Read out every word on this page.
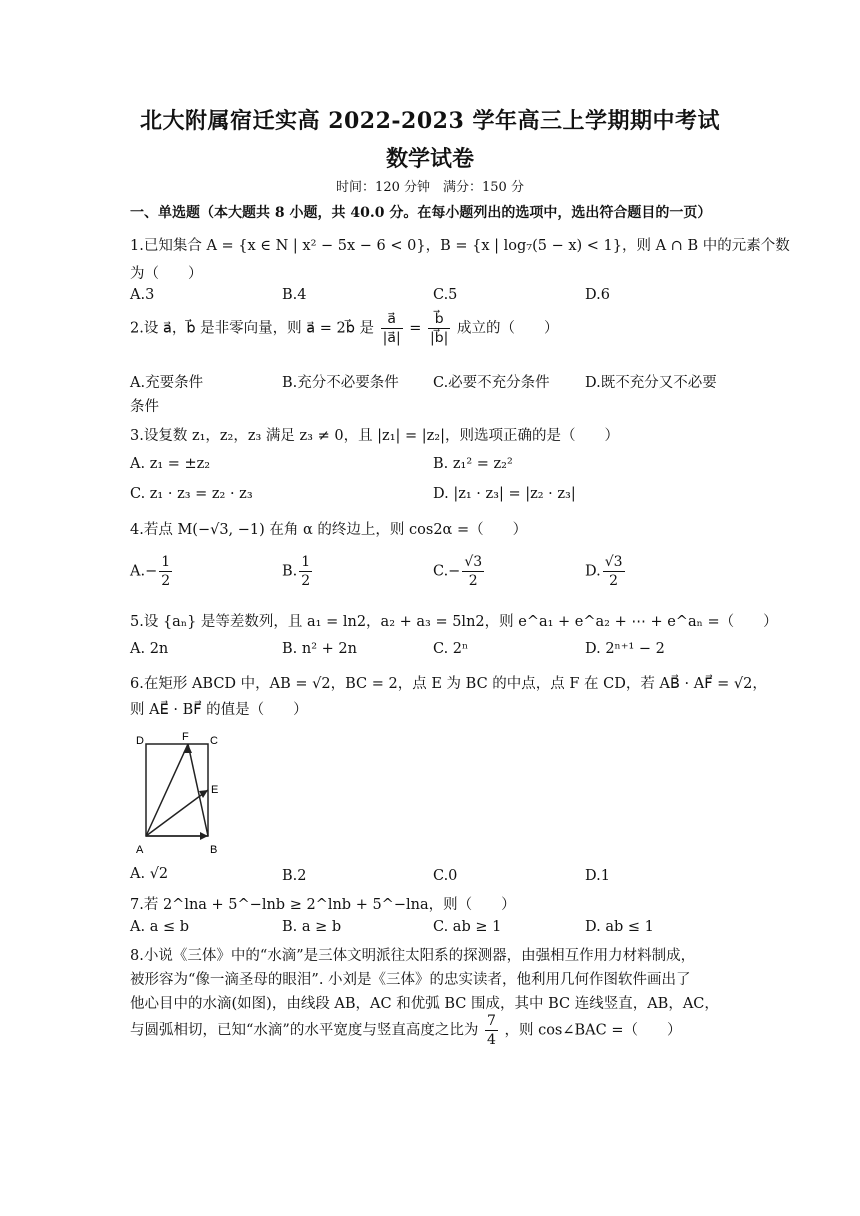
北大附属宿迁实高 2022-2023 学年高三上学期期中考试
数学试卷
时间：120 分钟　满分：150 分
一、单选题（本大题共 8 小题，共 40.0 分。在每小题列出的选项中，选出符合题目的一页）
1.已知集合 A = {x ∈ N | x² − 5x − 6 < 0}，B = {x | log₇(5 − x) < 1}，则 A ∩ B 中的元素个数
为（　　）
A.3	B.4	C.5	D.6
2.设 a⃗，b⃗ 是非零向量，则 a⃗ = 2b⃗ 是 $\frac{a⃗}{|a⃗|} = \frac{b⃗}{|b⃗|}$ 成立的（　　）
A.充要条件	B.充分不必要条件 C.必要不充分条件 D.既不充分又不必要
条件
3.设复数 z₁，z₂，z₃ 满足 z₃ ≠ 0，且 |z₁| = |z₂|，则选项正确的是（　　）
A. z₁ = ±z₂	B. z₁² = z₂²
C. z₁ · z₃ = z₂ · z₃	D. |z₁ · z₃| = |z₂ · z₃|
4.若点 M(−√3, −1) 在角 α 的终边上，则 cos2α =（　　）
$A.- \frac{1}{2}$	B. $\frac{1}{2}$	$C.- \frac{√3}{2}$	D. $\frac{√3}{2}$
5.设 {aₙ} 是等差数列，且 a₁ = ln2，a₂ + a₃ = 5ln2，则 e^a₁ + e^a₂ + ⋯ + e^aₙ =（　　）
A. 2n	B. n² + 2n	C. 2ⁿ	D. 2ⁿ⁺¹ − 2
6.在矩形 ABCD 中，AB = √2，BC = 2，点 E 为 BC 的中点，点 F 在 CD，若 AB⃗ · AF⃗ = √2，
则 AE⃗ · BF⃗ 的值是（　　）
D	F C
E
A	B
A. √2	B.2	C.0	D.1
7.若 2^lna + 5^−lnb ≥ 2^lnb + 5^−lna，则（　　）
A. a ≤ b	B. a ≥ b	C. ab ≥ 1	D. ab ≤ 1
8.小说《三体》中的“水滴”是三体文明派往太阳系的探测器，由强相互作用力材料制成，
被形容为“像一滴圣母的眼泪”. 小刘是《三体》的忠实读者，他利用几何作图软件画出了
他心目中的水滴(如图)，由线段 AB，AC 和优弧 BC 围成，其中 BC 连线竖直，AB，AC，
与圆弧相切，已知“水滴”的水平宽度与竖直高度之比为 $\frac{7}{4}$ ，则 cos∠BAC =（　　）
